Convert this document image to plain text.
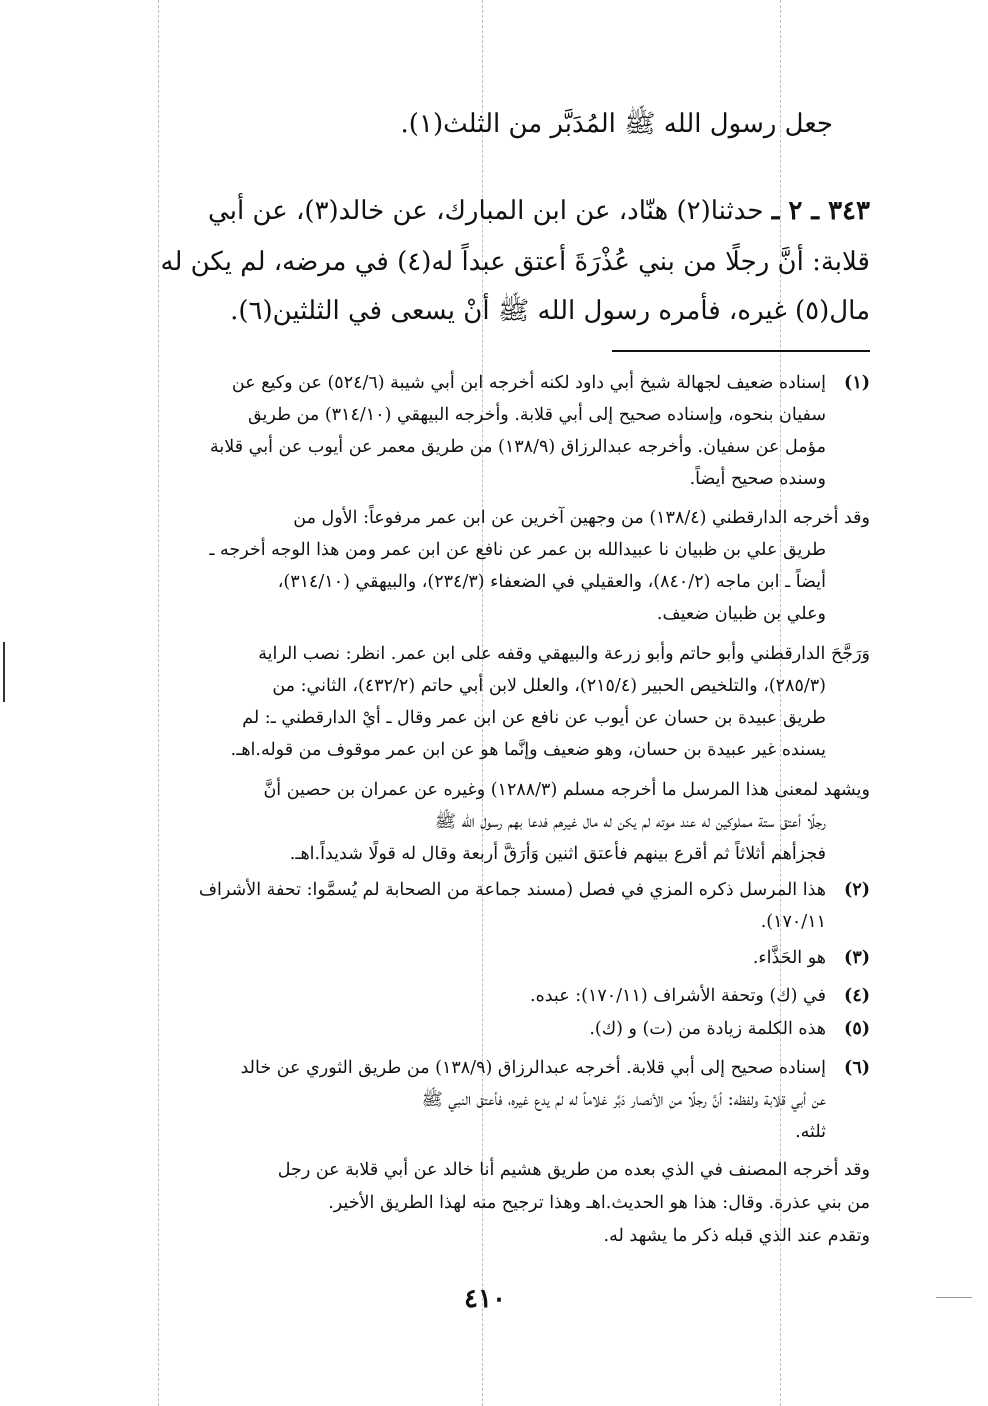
جعل رسول الله ﷺ المُدَبَّر من الثلث(١).
٣٤٣ ـ ٢ ـ حدثنا(٢) هنّاد، عن ابن المبارك، عن خالد(٣)، عن أبي
قلابة: أنَّ رجلًا من بني عُذْرَةَ أعتق عبداً له(٤) في مرضه، لم يكن له
مال(٥) غيره، فأمره رسول الله ﷺ أنْ يسعى في الثلثين(٦).
(١)
إسناده ضعيف لجهالة شيخ أبي داود لكنه أخرجه ابن أبي شيبة (٥٢٤/٦) عن وكيع عن
سفيان بنحوه، وإسناده صحيح إلى أبي قلابة. وأخرجه البيهقي (٣١٤/١٠) من طريق
مؤمل عن سفيان. وأخرجه عبدالرزاق (١٣٨/٩) من طريق معمر عن أيوب عن أبي قلابة
وسنده صحيح أيضاً.
وقد أخرجه الدارقطني (١٣٨/٤) من وجهين آخرين عن ابن عمر مرفوعاً: الأول من
طريق علي بن ظبيان نا عبيدالله بن عمر عن نافع عن ابن عمر ومن هذا الوجه أخرجه ـ
أيضاً ـ ابن ماجه (٨٤٠/٢)، والعقيلي في الضعفاء (٢٣٤/٣)، والبيهقي (٣١٤/١٠)،
وعلي بن ظبيان ضعيف.
وَرَجَّحَ الدارقطني وأبو حاتم وأبو زرعة والبيهقي وقفه على ابن عمر. انظر: نصب الراية
(٢٨٥/٣)، والتلخيص الحبير (٢١٥/٤)، والعلل لابن أبي حاتم (٤٣٢/٢)، الثاني: من
طريق عبيدة بن حسان عن أيوب عن نافع عن ابن عمر وقال ـ أيْ الدارقطني ـ: لم
يسنده غير عبيدة بن حسان، وهو ضعيف وإنَّما هو عن ابن عمر موقوف من قوله.اهـ.
ويشهد لمعنى هذا المرسل ما أخرجه مسلم (١٢٨٨/٣) وغيره عن عمران بن حصين أنَّ
رجلًا أعتق ستة مملوكين له عند موته لم يكن له مال غيرهم فدعا بهم رسول الله ﷺ
فجزأهم أثلاثاً ثم أقرع بينهم فأعتق اثنين وَأرَقَّ أربعة وقال له قولًا شديداً.اهـ.
(٢)
هذا المرسل ذكره المزي في فصل (مسند جماعة من الصحابة لم يُسمَّوا: تحفة الأشراف
١٧٠/١١).
(٣)
هو الحَذَّاء.
(٤)
في (ك) وتحفة الأشراف (١٧٠/١١): عبده.
(٥)
هذه الكلمة زيادة من (ت) و (ك).
(٦)
إسناده صحيح إلى أبي قلابة. أخرجه عبدالرزاق (١٣٨/٩) من طريق الثوري عن خالد
عن أبي قلابة ولفظه: أنَّ رجلًا من الأنصار دَبَّر غلاماً له لم يدع غيره، فأعتق النبي ﷺ
ثلثه.
وقد أخرجه المصنف في الذي بعده من طريق هشيم أنا خالد عن أبي قلابة عن رجل
من بني عذرة. وقال: هذا هو الحديث.اهـ وهذا ترجيح منه لهذا الطريق الأخير.
وتقدم عند الذي قبله ذكر ما يشهد له.
٤١٠
